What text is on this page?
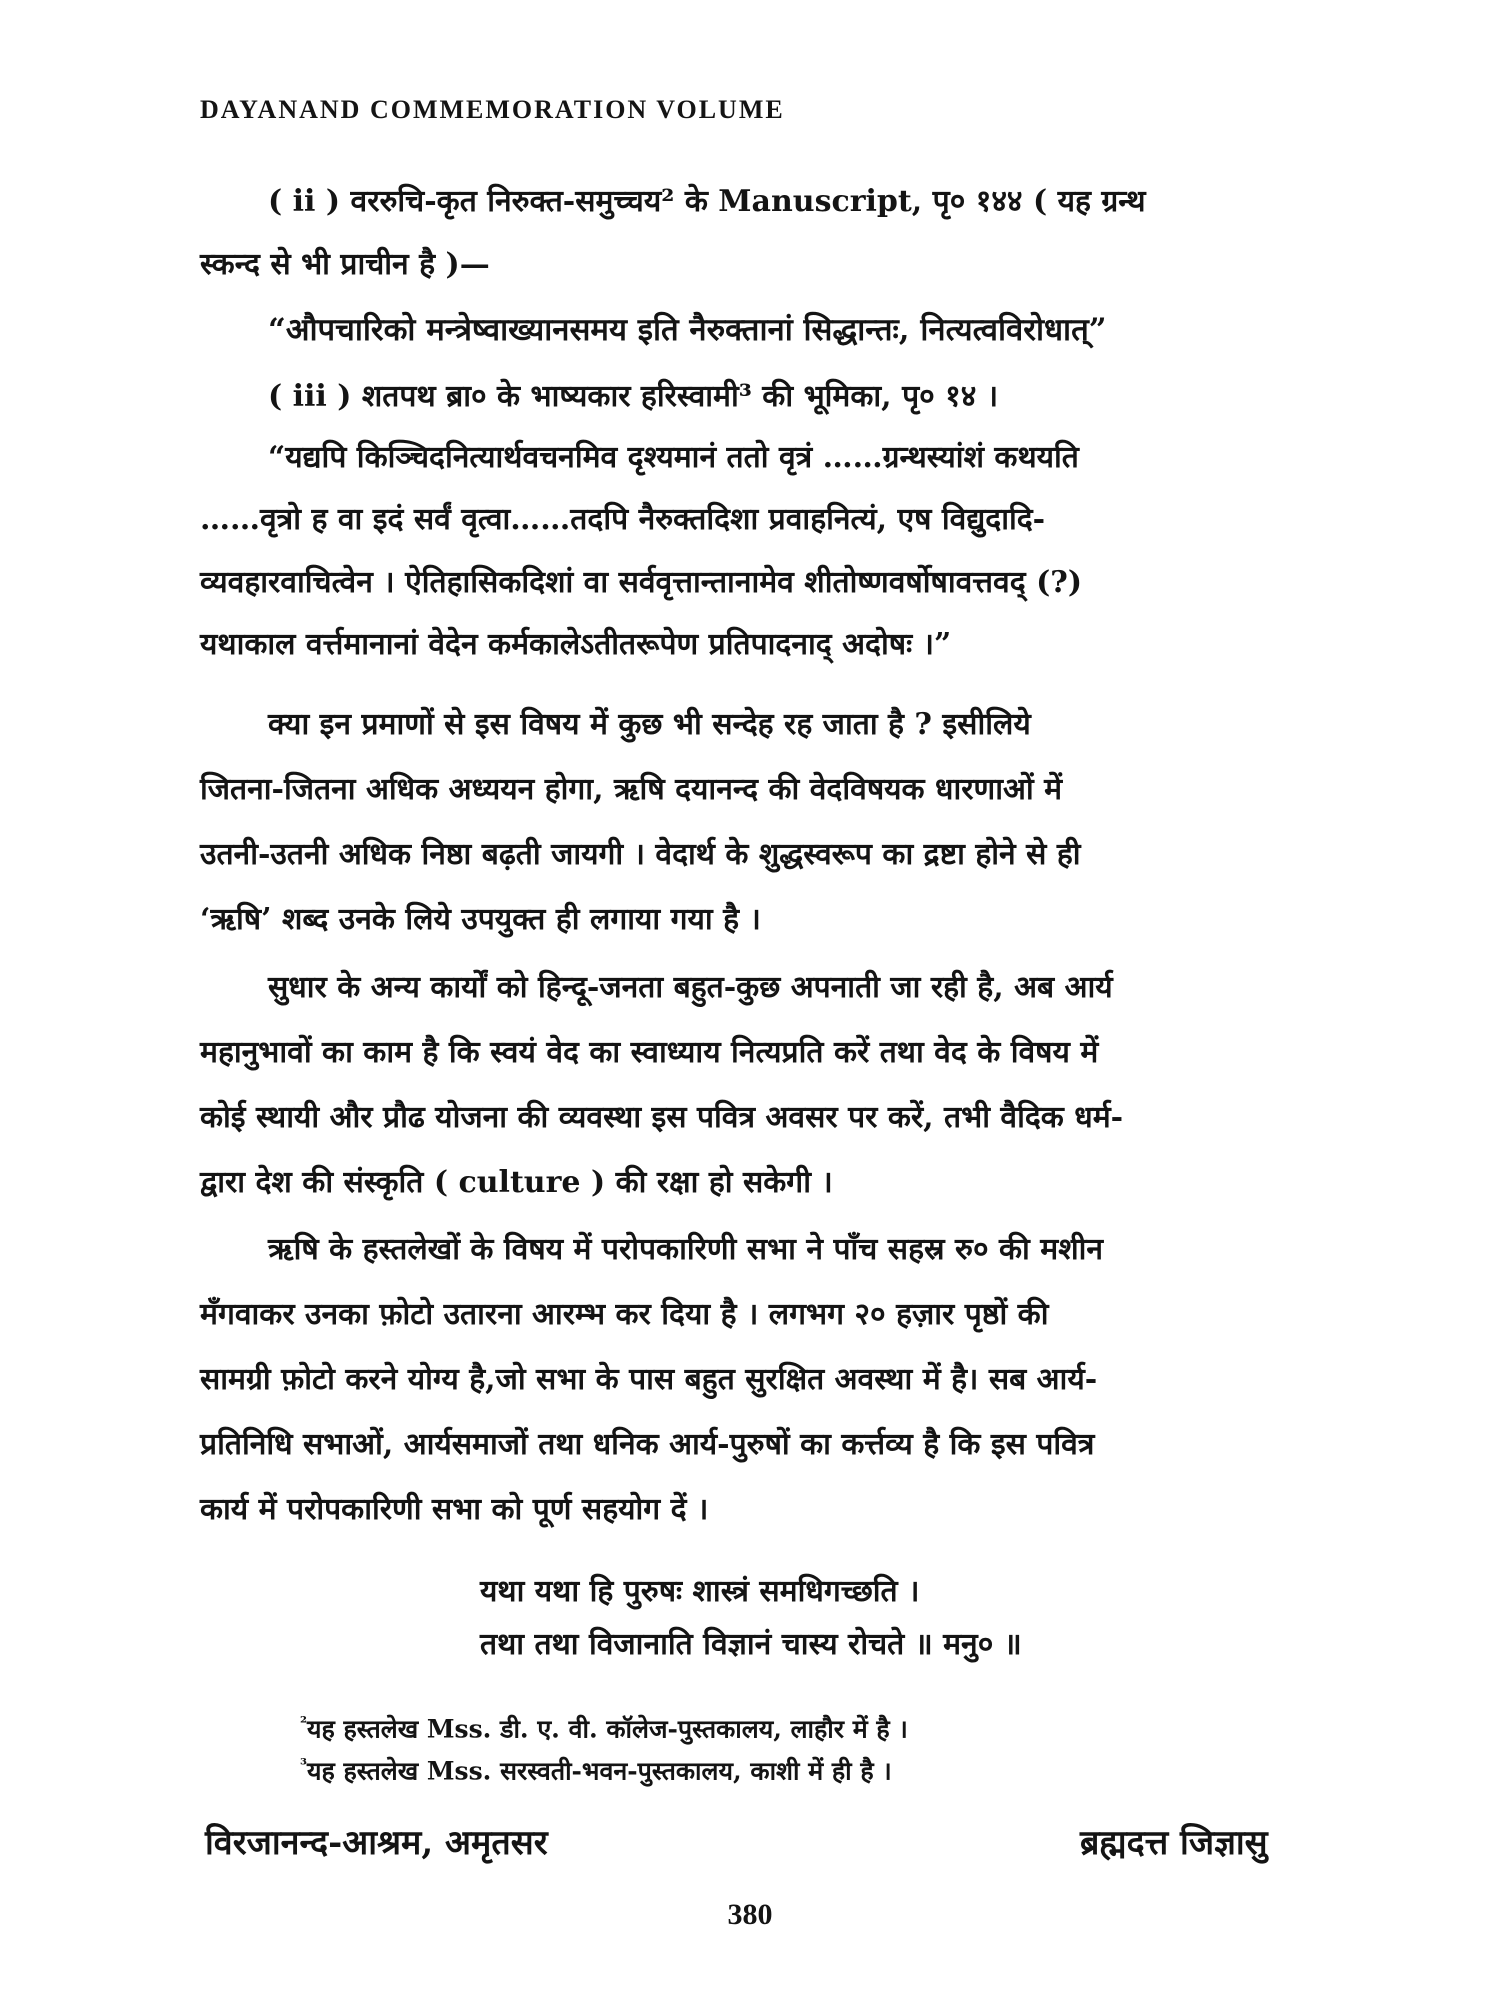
DAYANAND COMMEMORATION VOLUME
( ii ) वररुचि-कृत निरुक्त-समुच्चय² के Manuscript, पृ० १४४ ( यह ग्रन्थ
स्कन्द से भी प्राचीन है )—
“औपचारिको मन्त्रेष्वाख्यानसमय इति नैरुक्तानां सिद्धान्तः, नित्यत्वविरोधात्”
( iii ) शतपथ ब्रा० के भाष्यकार हरिस्वामी³ की भूमिका, पृ० १४ ।
“यद्यपि किञ्चिदनित्यार्थवचनमिव दृश्यमानं ततो वृत्रं ……ग्रन्थस्यांशं कथयति
……वृत्रो ह वा इदं सर्वं वृत्वा……तदपि नैरुक्तदिशा प्रवाहनित्यं, एष विद्युदादि-
व्यवहारवाचित्वेन । ऐतिहासिकदिशां वा सर्ववृत्तान्तानामेव शीतोष्णवर्षोषावत्तवद् (?)
यथाकाल वर्त्तमानानां वेदेन कर्मकालेऽतीतरूपेण प्रतिपादनाद् अदोषः ।”
क्या इन प्रमाणों से इस विषय में कुछ भी सन्देह रह जाता है ? इसीलिये
जितना-जितना अधिक अध्ययन होगा, ऋषि दयानन्द की वेदविषयक धारणाओं में
उतनी-उतनी अधिक निष्ठा बढ़ती जायगी । वेदार्थ के शुद्धस्वरूप का द्रष्टा होने से ही
‘ऋषि’ शब्द उनके लिये उपयुक्त ही लगाया गया है ।
सुधार के अन्य कार्यों को हिन्दू-जनता बहुत-कुछ अपनाती जा रही है, अब आर्य
महानुभावों का काम है कि स्वयं वेद का स्वाध्याय नित्यप्रति करें तथा वेद के विषय में
कोई स्थायी और प्रौढ योजना की व्यवस्था इस पवित्र अवसर पर करें, तभी वैदिक धर्म-
द्वारा देश की संस्कृति ( culture ) की रक्षा हो सकेगी ।
ऋषि के हस्तलेखों के विषय में परोपकारिणी सभा ने पाँच सहस्र रु० की मशीन
मँगवाकर उनका फ़ोटो उतारना आरम्भ कर दिया है । लगभग २० हज़ार पृष्ठों की
सामग्री फ़ोटो करने योग्य है,जो सभा के पास बहुत सुरक्षित अवस्था में है। सब आर्य-
प्रतिनिधि सभाओं, आर्यसमाजों तथा धनिक आर्य-पुरुषों का कर्त्तव्य है कि इस पवित्र
कार्य में परोपकारिणी सभा को पूर्ण सहयोग दें ।
यथा यथा हि पुरुषः शास्त्रं समधिगच्छति ।
तथा तथा विजानाति विज्ञानं चास्य रोचते ॥ मनु० ॥
$^{^2}$यह हस्तलेख Mss. डी. ए. वी. कॉलेज-पुस्तकालय, लाहौर में है ।
$^{^3}$यह हस्तलेख Mss. सरस्वती-भवन-पुस्तकालय, काशी में ही है ।
विरजानन्द-आश्रम, अमृतसर	ब्रह्मदत्त जिज्ञासु
380
